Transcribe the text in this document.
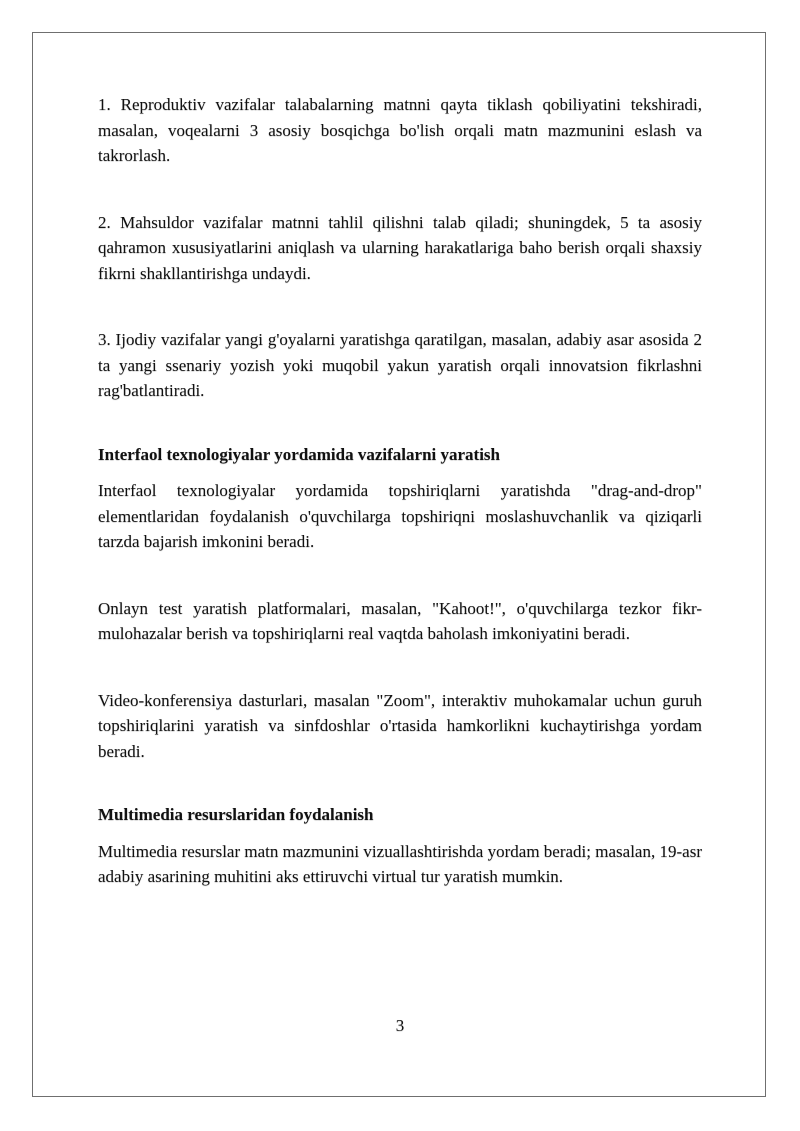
1. Reproduktiv vazifalar talabalarning matnni qayta tiklash qobiliyatini tekshiradi, masalan, voqealarni 3 asosiy bosqichga bo'lish orqali matn mazmunini eslash va takrorlash.

2. Mahsuldor vazifalar matnni tahlil qilishni talab qiladi; shuningdek, 5 ta asosiy qahramon xususiyatlarini aniqlash va ularning harakatlariga baho berish orqali shaxsiy fikrni shakllantirishga undaydi.

3. Ijodiy vazifalar yangi g'oyalarni yaratishga qaratilgan, masalan, adabiy asar asosida 2 ta yangi ssenariy yozish yoki muqobil yakun yaratish orqali innovatsion fikrlashni rag'batlantiradi.

Interfaol texnologiyalar yordamida vazifalarni yaratish

Interfaol texnologiyalar yordamida topshiriqlarni yaratishda "drag-and-drop" elementlaridan foydalanish o'quvchilarga topshiriqni moslashuvchanlik va qiziqarli tarzda bajarish imkonini beradi.

Onlayn test yaratish platformalari, masalan, "Kahoot!", o'quvchilarga tezkor fikr-mulohazalar berish va topshiriqlarni real vaqtda baholash imkoniyatini beradi.

Video-konferensiya dasturlari, masalan "Zoom", interaktiv muhokamalar uchun guruh topshiriqlarini yaratish va sinfdoshlar o'rtasida hamkorlikni kuchaytirishga yordam beradi.

Multimedia resurslaridan foydalanish

Multimedia resurslar matn mazmunini vizuallashtirishda yordam beradi; masalan, 19-asr adabiy asarining muhitini aks ettiruvchi virtual tur yaratish mumkin.

3
